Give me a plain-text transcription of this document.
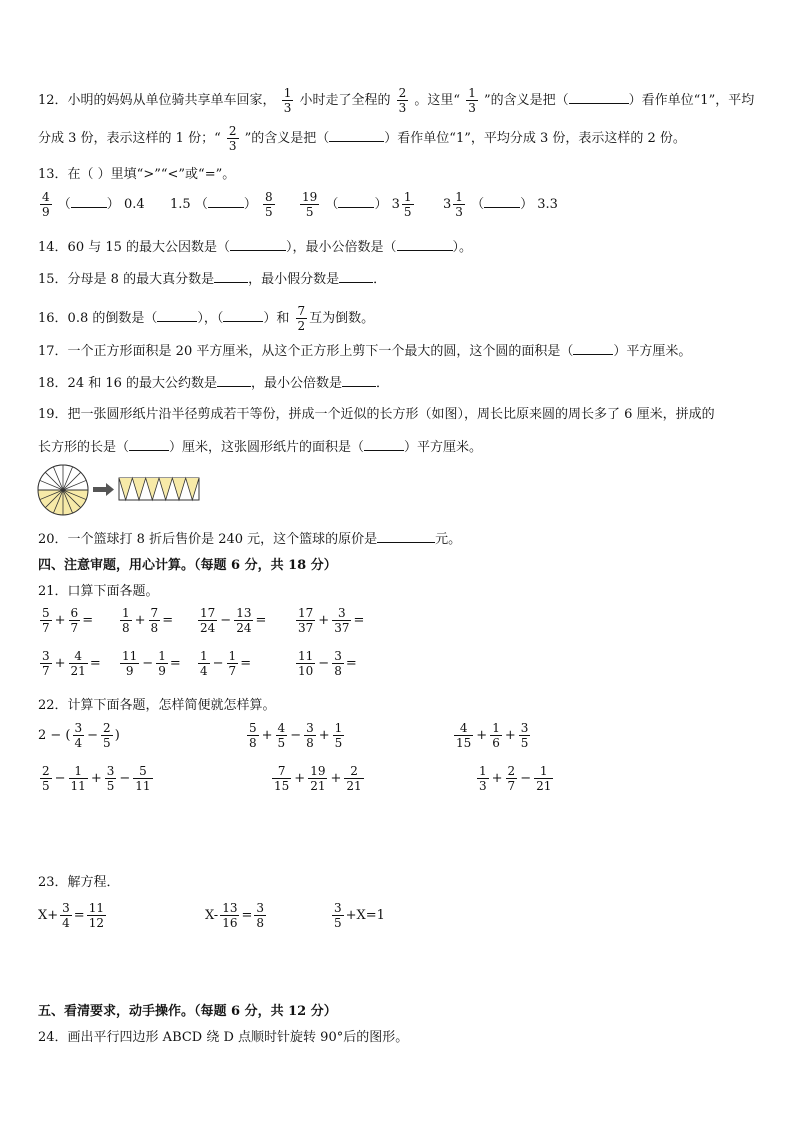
12．小明的妈妈从单位骑共享单车回家， $\frac{1}{3}$ 小时走了全程的 $\frac{2}{3}$ 。这里“ $\frac{1}{3}$ ”的含义是把（	）看作单位“1”，平均
分成 3 份，表示这样的 1 份；“ $\frac{2}{3}$ ”的含义是把（	）看作单位“1”，平均分成 3 份，表示这样的 2 份。
13．在（ ）里填“>”“<”或“=”。
$\frac{4}{9}$ （	） 0.4 1.5 （	） $\frac{8}{5} \frac{19}{5}$ （	） $3 \frac{1}{5} 3 \frac{1}{3}$ （	） 3.3
14．60 与 15 的最大公因数是（	），最小公倍数是（	）。
15．分母是 8 的最大真分数是	，最小假分数是	．
16．0.8 的倒数是（	），（	）和 $\frac{7}{2}$ 互为倒数。
17．一个正方形面积是 20 平方厘米，从这个正方形上剪下一个最大的圆，这个圆的面积是（	）平方厘米。
18．24 和 16 的最大公约数是	，最小公倍数是	．
19．把一张圆形纸片沿半径剪成若干等份，拼成一个近似的长方形（如图），周长比原来圆的周长多了 6 厘米，拼成的
长方形的长是（	）厘米，这张圆形纸片的面积是（	）平方厘米。
20．一个篮球打 8 折后售价是 240 元，这个篮球的原价是	元。
四、注意审题，用心计算。（每题 6 分，共 18 分）
21．口算下面各题。
$\frac{5}{7} + \frac{6}{7} = \frac{1}{8} + \frac{7}{8} = \frac{17}{24} - \frac{13}{24} = \frac{17}{37} + \frac{3}{37}$ =
$\frac{3}{7} + \frac{4}{21} = \frac{11}{9} - \frac{1}{9} = \frac{1}{4} - \frac{1}{7}$ =	$\frac{11}{10} - \frac{3}{8}$ =
22．计算下面各题，怎样简便就怎样算。
2 − ( $\frac{3}{4} - \frac{2}{5}$ )	$\frac{5}{8} + \frac{4}{5} - \frac{3}{8} + \frac{1}{5}$	$\frac{4}{15} + \frac{1}{6} + \frac{3}{5}$
$\frac{2}{5} - \frac{1}{11} + \frac{3}{5} - \frac{5}{11}$	$\frac{7}{15} + \frac{19}{21} + \frac{2}{21}$	$\frac{1}{3} + \frac{2}{7} - \frac{1}{21}$
23．解方程．
$X+ \frac{3}{4} = \frac{11}{12}$	$X- \frac{13}{16} = \frac{3}{8}$	$\frac{3}{5} +X=1$
五、看清要求，动手操作。（每题 6 分，共 12 分）
24．画出平行四边形 ABCD 绕 D 点顺时针旋转 90°后的图形。
